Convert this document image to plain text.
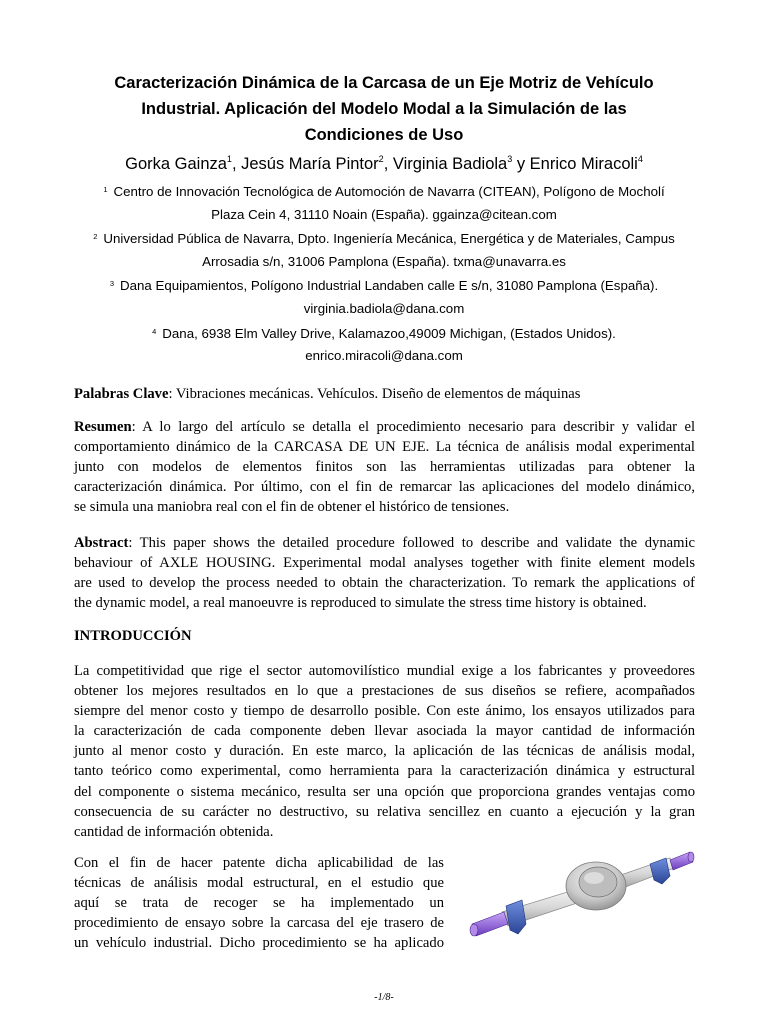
Caracterización Dinámica de la Carcasa de un Eje Motriz de Vehículo
Industrial. Aplicación del Modelo Modal a la Simulación de las
Condiciones de Uso
Gorka Gainza$^1$, Jesús María Pintor$^2$, Virginia Badiola$^3$ y Enrico Miracoli$^4$
$^1$ Centro de Innovación Tecnológica de Automoción de Navarra (CITEAN), Polígono de Mocholí
Plaza Cein 4, 31110 Noain (España). ggainza@citean.com
$^2$ Universidad Pública de Navarra, Dpto. Ingeniería Mecánica, Energética y de Materiales, Campus
Arrosadia s/n, 31006 Pamplona (España). txma@unavarra.es
$^3$ Dana Equipamientos, Polígono Industrial Landaben calle E s/n, 31080 Pamplona (España).
virginia.badiola@dana.com
$^4$ Dana, 6938 Elm Valley Drive, Kalamazoo,49009 Michigan, (Estados Unidos).
enrico.miracoli@dana.com
Palabras Clave: Vibraciones mecánicas. Vehículos. Diseño de elementos de máquinas
Resumen: A lo largo del artículo se detalla el procedimiento necesario para describir y validar el
comportamiento dinámico de la CARCASA DE UN EJE. La técnica de análisis modal experimental
junto con modelos de elementos finitos son las herramientas utilizadas para obtener la
caracterización dinámica. Por último, con el fin de remarcar las aplicaciones del modelo dinámico,
se simula una maniobra real con el fin de obtener el histórico de tensiones.
Abstract: This paper shows the detailed procedure followed to describe and validate the dynamic
behaviour of AXLE HOUSING. Experimental modal analyses together with finite element models
are used to develop the process needed to obtain the characterization. To remark the applications of
the dynamic model, a real manoeuvre is reproduced to simulate the stress time history is obtained.
INTRODUCCIÓN
La competitividad que rige el sector automovilístico mundial exige a los fabricantes y proveedores
obtener los mejores resultados en lo que a prestaciones de sus diseños se refiere, acompañados
siempre del menor costo y tiempo de desarrollo posible. Con este ánimo, los ensayos utilizados para
la caracterización de cada componente deben llevar asociada la mayor cantidad de información
junto al menor costo y duración. En este marco, la aplicación de las técnicas de análisis modal,
tanto teórico como experimental, como herramienta para la caracterización dinámica y estructural
del componente o sistema mecánico, resulta ser una opción que proporciona grandes ventajas como
consecuencia de su carácter no destructivo, su relativa sencillez en cuanto a ejecución y la gran
cantidad de información obtenida.
Con el fin de hacer patente dicha aplicabilidad de las
técnicas de análisis modal estructural, en el estudio que
aquí se trata de recoger se ha implementado un
procedimiento de ensayo sobre la carcasa del eje trasero de
un vehículo industrial. Dicho procedimiento se ha aplicado
-1/8-
